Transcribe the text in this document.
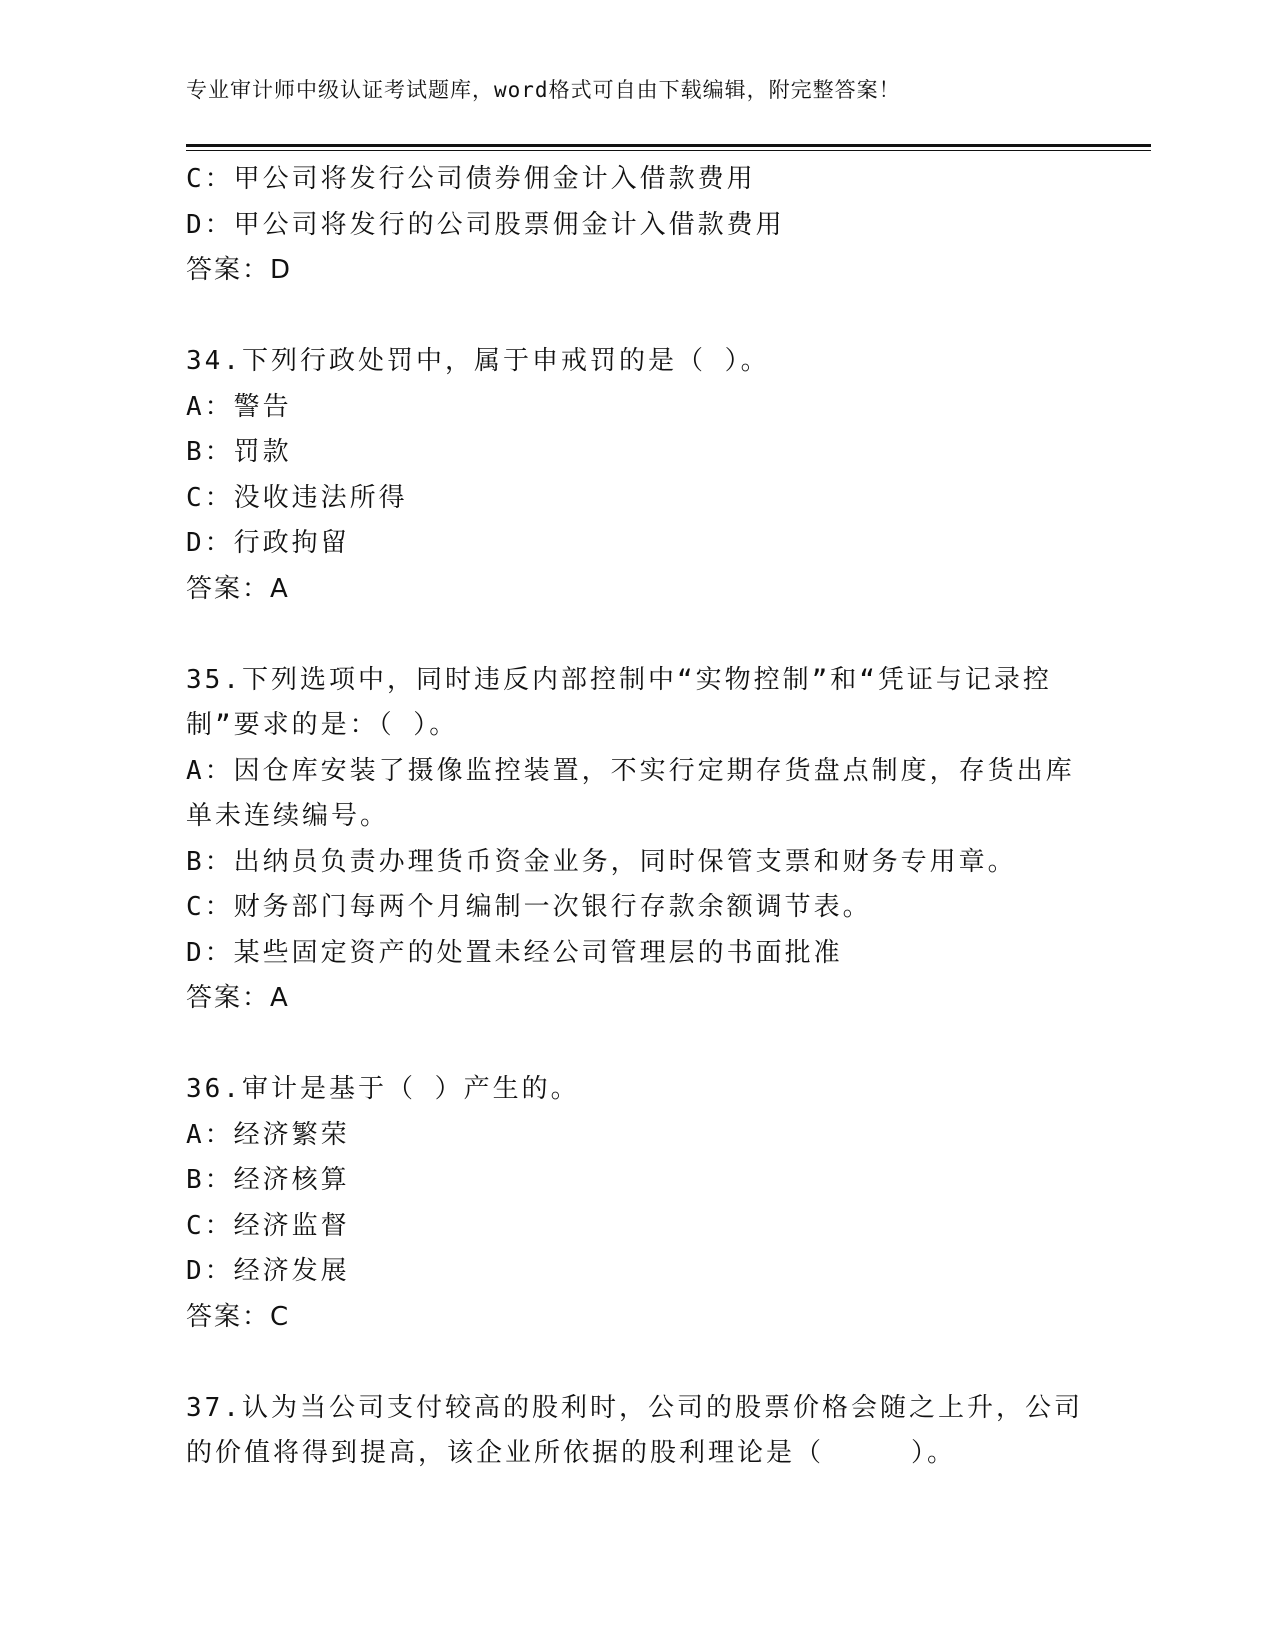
专业审计师中级认证考试题库，word格式可自由下载编辑，附完整答案！
C：甲公司将发行公司债券佣金计入借款费用
D：甲公司将发行的公司股票佣金计入借款费用
答案：D
34.下列行政处罚中，属于申戒罚的是（ ）。
A：警告
B：罚款
C：没收违法所得
D：行政拘留
答案：A
35.下列选项中，同时违反内部控制中“实物控制”和“凭证与记录控
制”要求的是：（ ）。
A：因仓库安装了摄像监控装置，不实行定期存货盘点制度，存货出库
单未连续编号。
B：出纳员负责办理货币资金业务，同时保管支票和财务专用章。
C：财务部门每两个月编制一次银行存款余额调节表。
D：某些固定资产的处置未经公司管理层的书面批准
答案：A
36.审计是基于（ ）产生的。
A：经济繁荣
B：经济核算
C：经济监督
D：经济发展
答案：C
37.认为当公司支付较高的股利时，公司的股票价格会随之上升，公司
的价值将得到提高，该企业所依据的股利理论是（　　　）。
